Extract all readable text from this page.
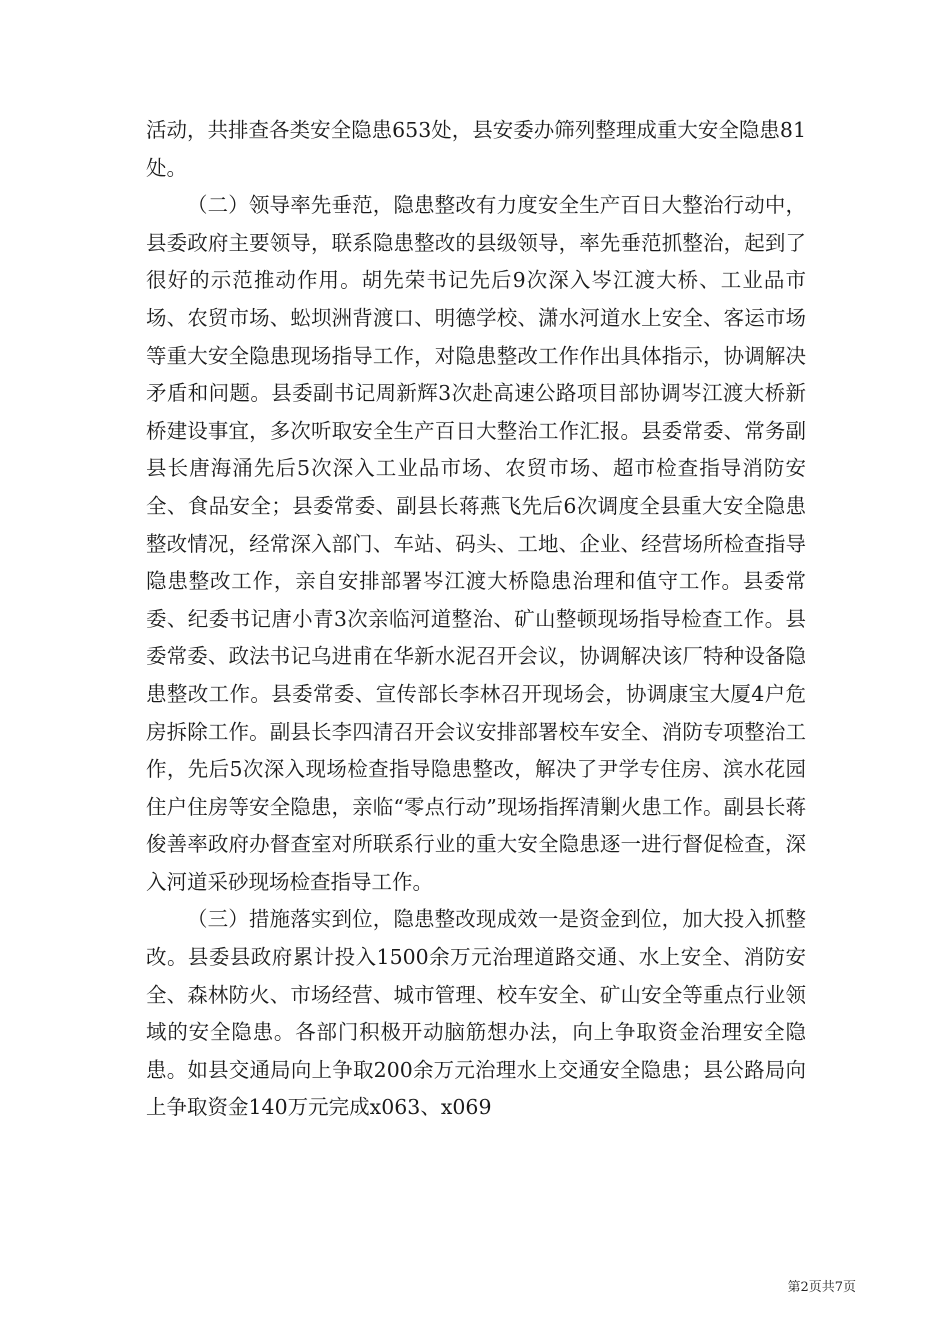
活动，共排查各类安全隐患653处，县安委办筛列整理成重大安全隐患81处。

（二）领导率先垂范，隐患整改有力度安全生产百日大整治行动中，县委政府主要领导，联系隐患整改的县级领导，率先垂范抓整治，起到了很好的示范推动作用。胡先荣书记先后9次深入岑江渡大桥、工业品市场、农贸市场、蚣坝洲背渡口、明德学校、潇水河道水上安全、客运市场等重大安全隐患现场指导工作，对隐患整改工作作出具体指示，协调解决矛盾和问题。县委副书记周新辉3次赴高速公路项目部协调岑江渡大桥新桥建设事宜，多次听取安全生产百日大整治工作汇报。县委常委、常务副县长唐海涌先后5次深入工业品市场、农贸市场、超市检查指导消防安全、食品安全；县委常委、副县长蒋燕飞先后6次调度全县重大安全隐患整改情况，经常深入部门、车站、码头、工地、企业、经营场所检查指导隐患整改工作，亲自安排部署岑江渡大桥隐患治理和值守工作。县委常委、纪委书记唐小青3次亲临河道整治、矿山整顿现场指导检查工作。县委常委、政法书记乌进甫在华新水泥召开会议，协调解决该厂特种设备隐患整改工作。县委常委、宣传部长李林召开现场会，协调康宝大厦4户危房拆除工作。副县长李四清召开会议安排部署校车安全、消防专项整治工作，先后5次深入现场检查指导隐患整改，解决了尹学专住房、滨水花园住户住房等安全隐患，亲临“零点行动”现场指挥清剿火患工作。副县长蒋俊善率政府办督查室对所联系行业的重大安全隐患逐一进行督促检查，深入河道采砂现场检查指导工作。

（三）措施落实到位，隐患整改现成效一是资金到位，加大投入抓整改。县委县政府累计投入1500余万元治理道路交通、水上安全、消防安全、森林防火、市场经营、城市管理、校车安全、矿山安全等重点行业领域的安全隐患。各部门积极开动脑筋想办法，向上争取资金治理安全隐患。如县交通局向上争取200余万元治理水上交通安全隐患；县公路局向上争取资金140万元完成x063、x069

第2页共7页
